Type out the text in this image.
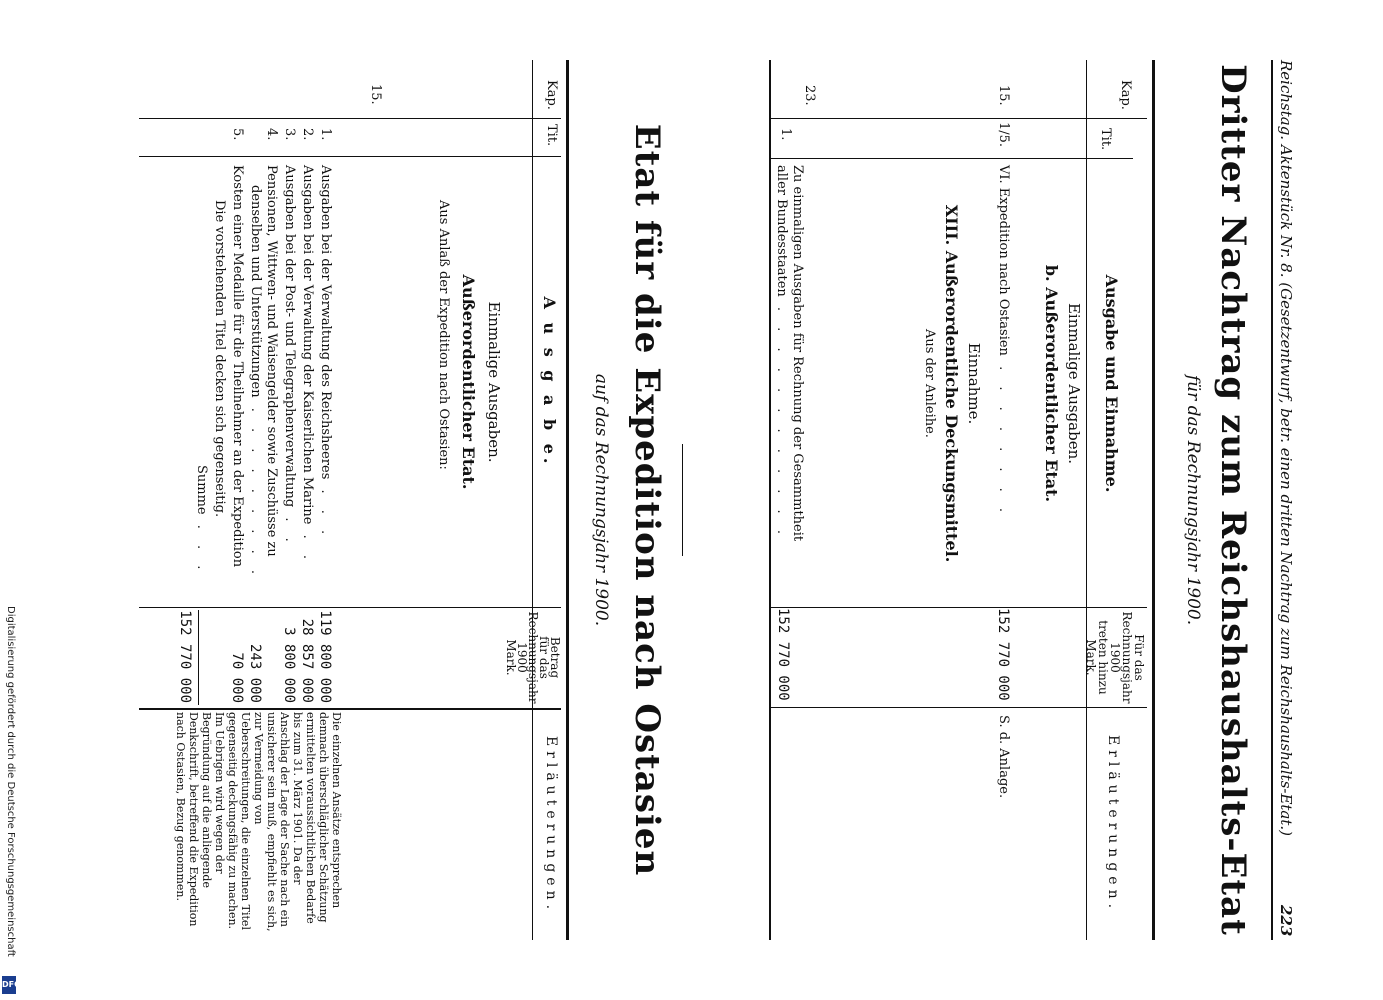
Reichstag. Aktenstück Nr. 8. (Gesetzentwurf, betr. einen dritten Nachtrag zum Reichshaushalts-Etat.)
223
Dritter Nachtrag zum Reichshaushalts-Etat
für das Rechnungsjahr 1900.
Kap.
Tit.
Ausgabe und Einnahme.
Für das
Rechnungsjahr
1900
treten hinzu
Mark.
Erläuterungen.
Einmalige Ausgaben.
b. Außerordentlicher Etat.
15.
1/5.
VI. Expedition nach Ostasien . . . . . . . .
152 770 000
S. d. Anlage.
Einnahme.
XIII. Außerordentliche Deckungsmittel.
Aus der Anleihe.
23.
1.
Zu einmaligen Ausgaben für Rechnung der Gesammtheit
aller Bundesstaaten . . . . . . . . . . . .
152 770 000
Etat für die Expedition nach Ostasien
auf das Rechnungsjahr 1900.
Kap.
Tit.
A u s g a b e.
Betrag
für das
Rechnungsjahr
1900
Mark.
Erläuterungen.
Einmalige Ausgaben.
Außerordentlicher Etat.
Aus Anlaß der Expedition nach Ostasien:
15.
1.
Ausgaben bei der Verwaltung des Reichsheeres . . .
119 800 000
2.
Ausgaben bei der Verwaltung der Kaiserlichen Marine . .
28 857 000
3.
Ausgaben bei der Post- und Telegraphenverwaltung . .
3 800 000
4.
Pensionen, Wittwen- und Waisengelder sowie Zuschüsse zu
denselben und Unterstützungen . . . . . . . . .
243 000
5.
Kosten einer Medaille für die Theilnehmer an der Expedition
70 000
Die vorstehenden Titel decken sich gegenseitig.
Summe . . .
152 770 000
Die einzelnen Ansätze entsprechen demnach überschläglicher Schätzung ermittelten voraussichtlichen Bedarfe bis zum 31. März 1901. Da der Anschlag der Lage der Sache nach ein unsicherer sein muß, empfiehlt es sich, zur Vermeidung von Ueberschreitungen, die einzelnen Titel gegenseitig deckungsfähig zu machen. Im Uebrigen wird wegen der Begründung auf die anliegende Denkschrift, betreffend die Expedition nach Ostasien, Bezug genommen.
Digitalisierung gefördert durch die Deutsche Forschungsgemeinschaft
DFG
